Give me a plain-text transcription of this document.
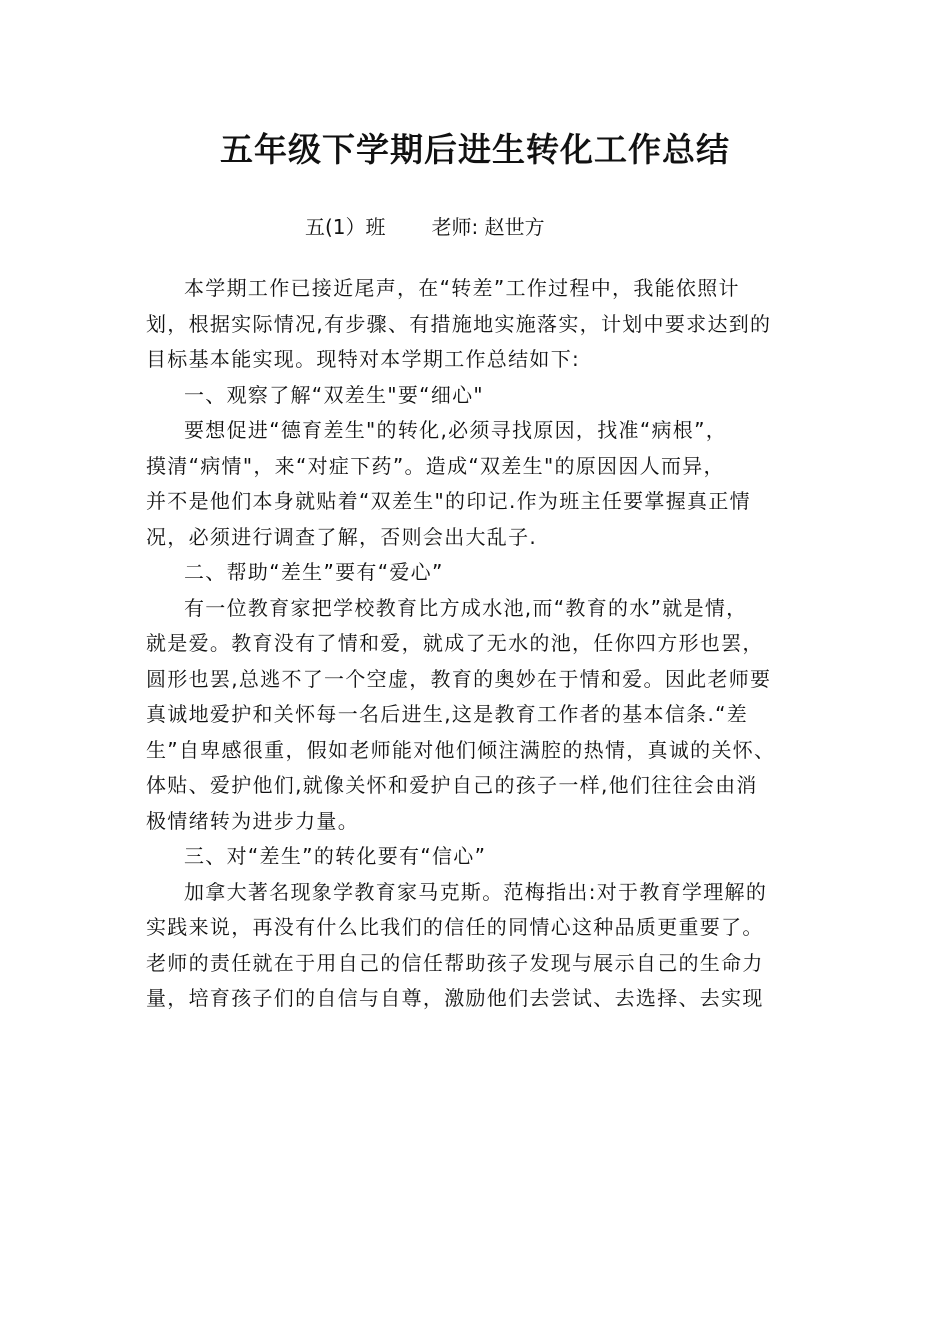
五年级下学期后进生转化工作总结
五(1）班 老师: 赵世方
本学期工作已接近尾声，在“转差”工作过程中，我能依照计
划，根据实际情况,有步骤、有措施地实施落实，计划中要求达到的
目标基本能实现。现特对本学期工作总结如下:
一、观察了解“双差生"要“细心"
要想促进“德育差生"的转化,必须寻找原因，找准“病根”，
摸清“病情"，来“对症下药”。造成“双差生"的原因因人而异，
并不是他们本身就贴着“双差生"的印记.作为班主任要掌握真正情
况，必须进行调查了解，否则会出大乱子.
二、帮助“差生”要有“爱心”
有一位教育家把学校教育比方成水池,而“教育的水”就是情，
就是爱。教育没有了情和爱，就成了无水的池，任你四方形也罢，
圆形也罢,总逃不了一个空虚，教育的奥妙在于情和爱。因此老师要
真诚地爱护和关怀每一名后进生,这是教育工作者的基本信条.“差
生”自卑感很重，假如老师能对他们倾注满腔的热情，真诚的关怀、
体贴、爱护他们,就像关怀和爱护自己的孩子一样,他们往往会由消
极情绪转为进步力量。
三、对“差生”的转化要有“信心”
加拿大著名现象学教育家马克斯。范梅指出:对于教育学理解的
实践来说，再没有什么比我们的信任的同情心这种品质更重要了。
老师的责任就在于用自己的信任帮助孩子发现与展示自己的生命力
量，培育孩子们的自信与自尊，激励他们去尝试、去选择、去实现
